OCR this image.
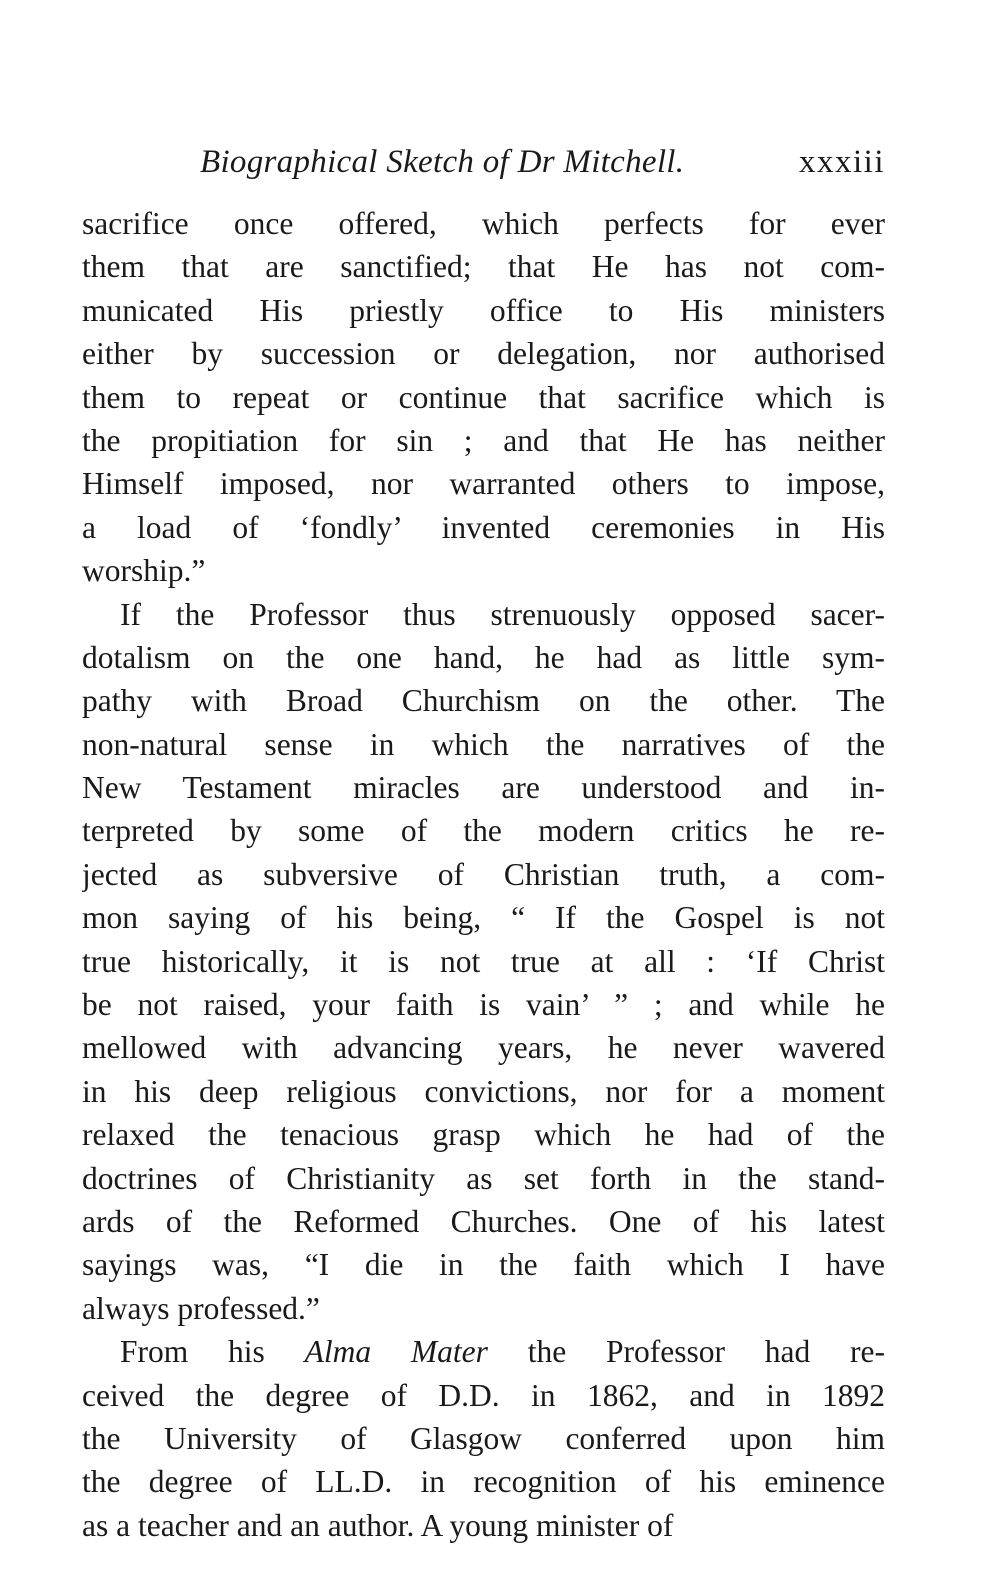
Biographical Sketch of Dr Mitchell.	xxxiii
sacrifice once offered, which perfects for ever
them that are sanctified; that He has not com-
municated His priestly office to His ministers
either by succession or delegation, nor authorised
them to repeat or continue that sacrifice which is
the propitiation for sin ; and that He has neither
Himself imposed, nor warranted others to impose,
a load of ‘fondly’ invented ceremonies in His
worship.”
If the Professor thus strenuously opposed sacer-
dotalism on the one hand, he had as little sym-
pathy with Broad Churchism on the other. The
non-natural sense in which the narratives of the
New Testament miracles are understood and in-
terpreted by some of the modern critics he re-
jected as subversive of Christian truth, a com-
mon saying of his being, “ If the Gospel is not
true historically, it is not true at all : ‘If Christ
be not raised, your faith is vain’ ” ; and while he
mellowed with advancing years, he never wavered
in his deep religious convictions, nor for a moment
relaxed the tenacious grasp which he had of the
doctrines of Christianity as set forth in the stand-
ards of the Reformed Churches. One of his latest
sayings was, “I die in the faith which I have
always professed.”
From his Alma Mater the Professor had re-
ceived the degree of D.D. in 1862, and in 1892
the University of Glasgow conferred upon him
the degree of LL.D. in recognition of his eminence
as a teacher and an author. A young minister of
